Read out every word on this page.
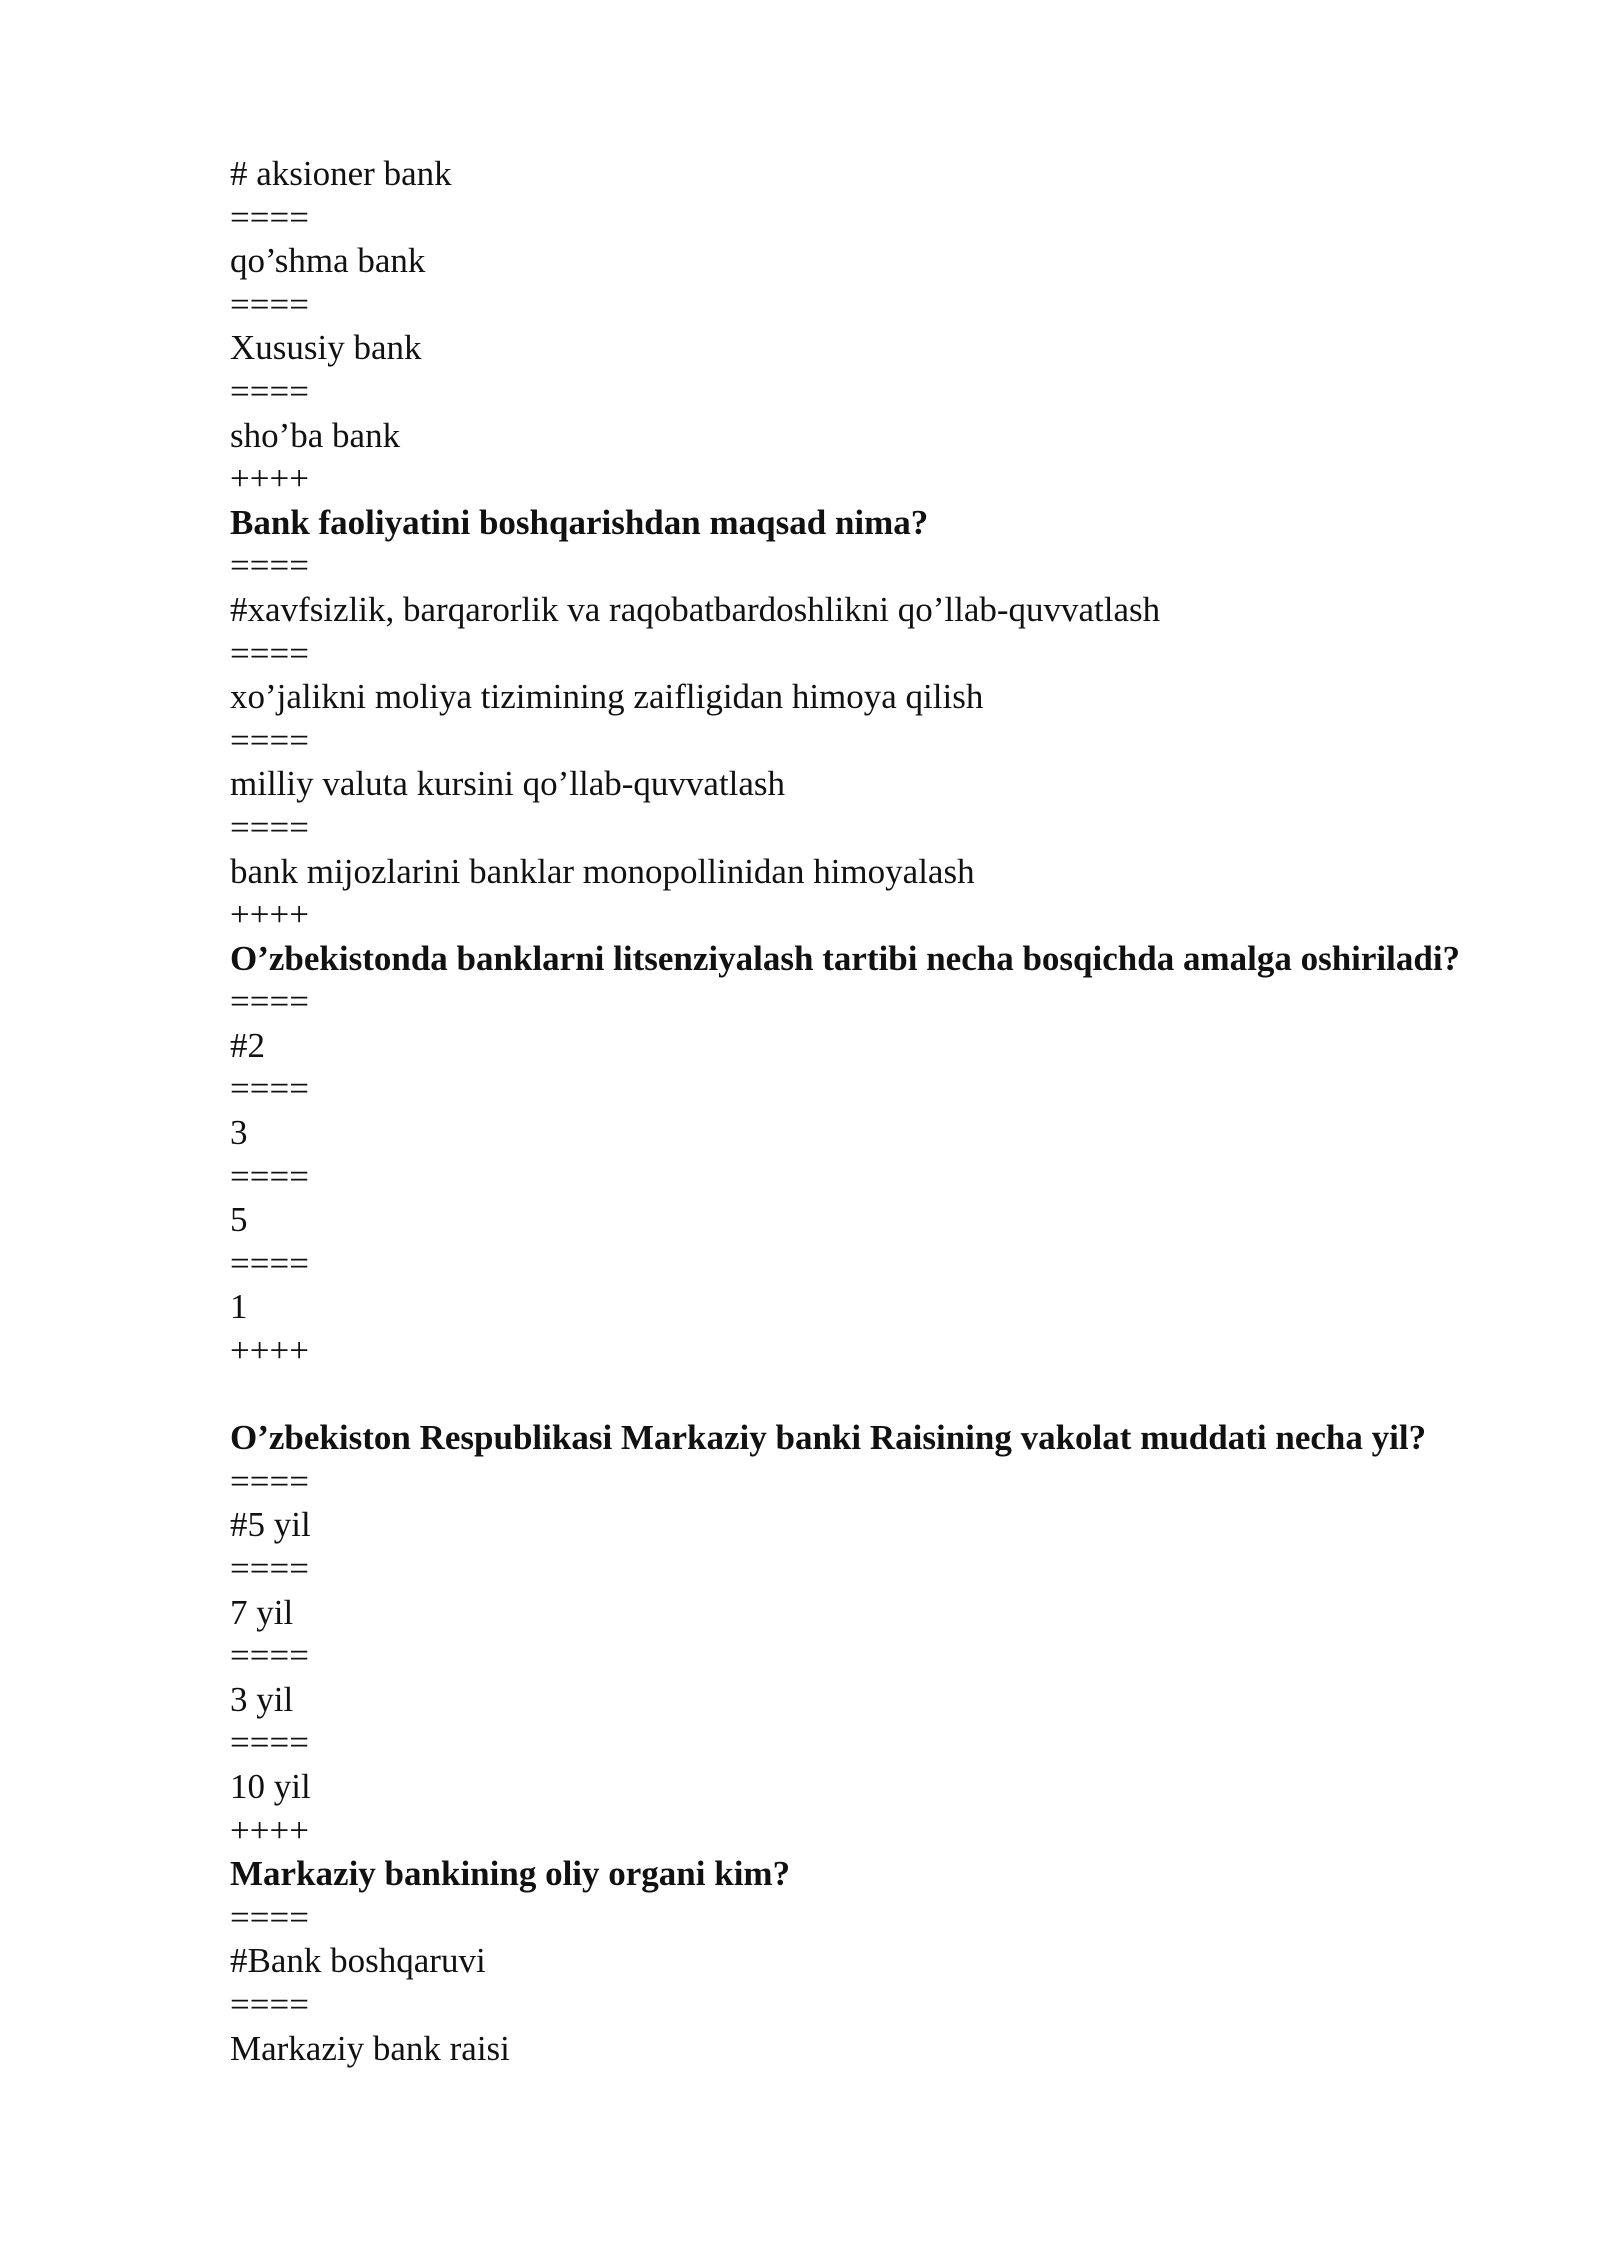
# aksioner bank

====

qo’shma bank

====

Xususiy bank

====

sho’ba bank

++++

Bank faoliyatini boshqarishdan maqsad nima?

====

#xavfsizlik, barqarorlik va raqobatbardoshlikni qo’llab-quvvatlash

====

xo’jalikni moliya tizimining zaifligidan himoya qilish

====

milliy valuta kursini qo’llab-quvvatlash

====

bank mijozlarini banklar monopollinidan himoyalash

++++

O’zbekistonda banklarni litsenziyalash tartibi necha bosqichda amalga oshiriladi?

====

#2

====

3

====

5

====

1

++++

O’zbekiston Respublikasi Markaziy banki Raisining vakolat muddati necha yil?

====

#5 yil

====

7 yil

====

3 yil

====

10 yil

++++

Markaziy bankining oliy organi kim?

====

#Bank boshqaruvi

====

Markaziy bank raisi
